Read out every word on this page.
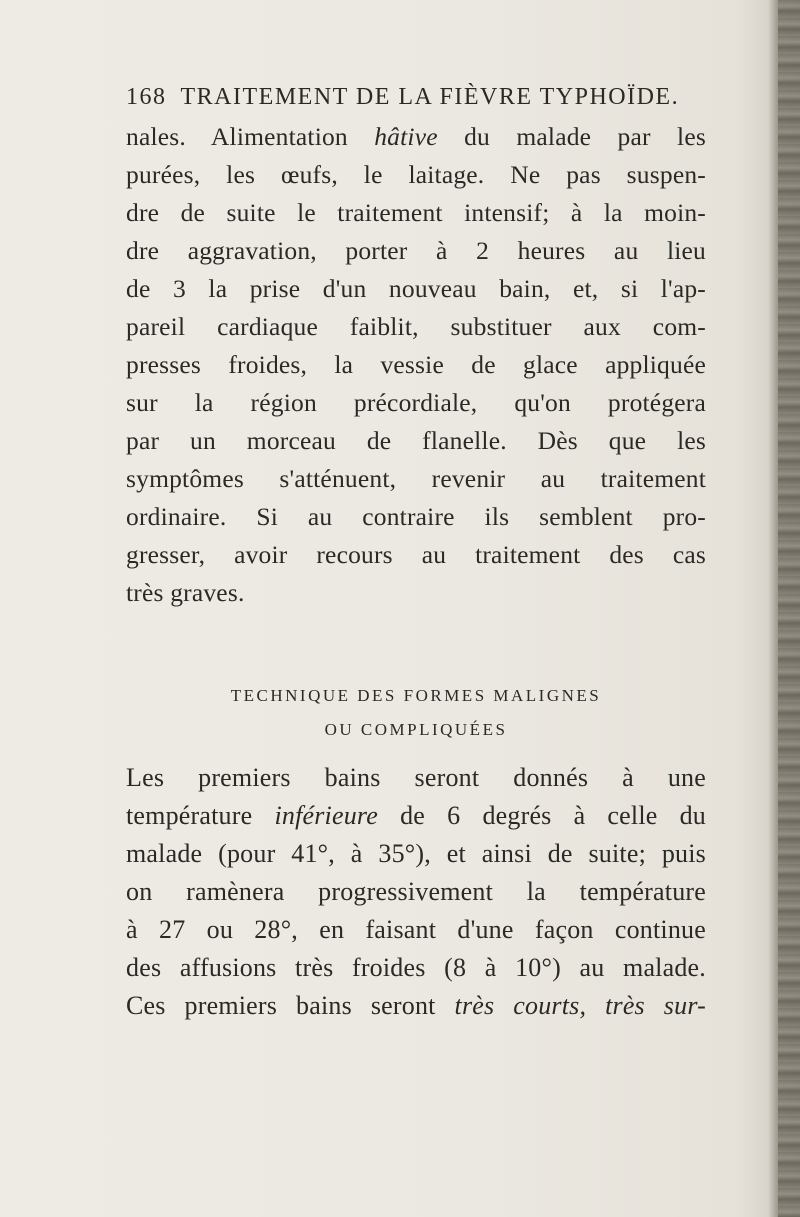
168 TRAITEMENT DE LA FIÈVRE TYPHOÏDE.
nales. Alimentation hâtive du malade par les
purées, les œufs, le laitage. Ne pas suspen-
dre de suite le traitement intensif; à la moin-
dre aggravation, porter à 2 heures au lieu
de 3 la prise d'un nouveau bain, et, si l'ap-
pareil cardiaque faiblit, substituer aux com-
presses froides, la vessie de glace appliquée
sur la région précordiale, qu'on protégera
par un morceau de flanelle. Dès que les
symptômes s'atténuent, revenir au traitement
ordinaire. Si au contraire ils semblent pro-
gresser, avoir recours au traitement des cas
très graves.
TECHNIQUE DES FORMES MALIGNES
OU COMPLIQUÉES
Les premiers bains seront donnés à une
température inférieure de 6 degrés à celle du
malade (pour 41°, à 35°), et ainsi de suite; puis
on ramènera progressivement la température
à 27 ou 28°, en faisant d'une façon continue
des affusions très froides (8 à 10°) au malade.
Ces premiers bains seront très courts, très sur-
